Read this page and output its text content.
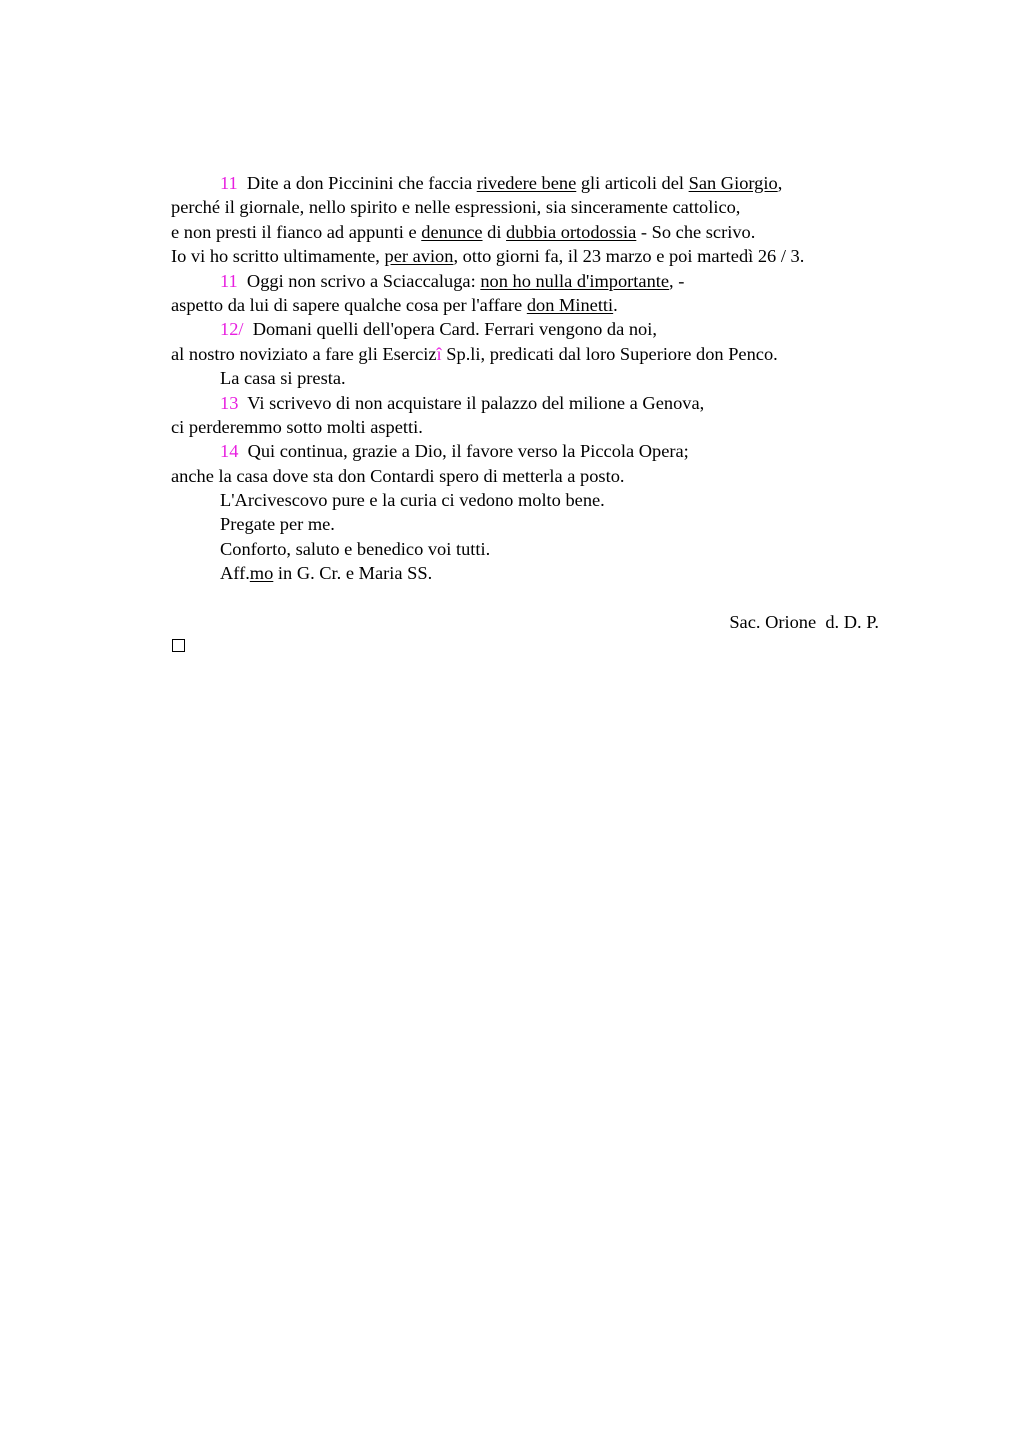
11  Dite a don Piccinini che faccia rivedere bene gli articoli del San Giorgio,
perché il giornale, nello spirito e nelle espressioni, sia sinceramente cattolico,
e non presti il fianco ad appunti e denunce di dubbia ortodossia - So che scrivo.
Io vi ho scritto ultimamente, per avion, otto giorni fa, il 23 marzo e poi martedì 26 / 3.
11  Oggi non scrivo a Sciaccaluga: non ho nulla d'importante, -
aspetto da lui di sapere qualche cosa per l'affare don Minetti.
12/  Domani quelli dell'opera Card. Ferrari vengono da noi,
al nostro noviziato a fare gli Esercizî Sp.li, predicati dal loro Superiore don Penco.
La casa si presta.
13  Vi scrivevo di non acquistare il palazzo del milione a Genova,
ci perderemmo sotto molti aspetti.
14  Qui continua, grazie a Dio, il favore verso la Piccola Opera;
anche la casa dove sta don Contardi spero di metterla a posto.
L'Arcivescovo pure e la curia ci vedono molto bene.
Pregate per me.
Conforto, saluto e benedico voi tutti.
Aff.mo in G. Cr. e Maria SS.
Sac. Orione  d. D. P.
